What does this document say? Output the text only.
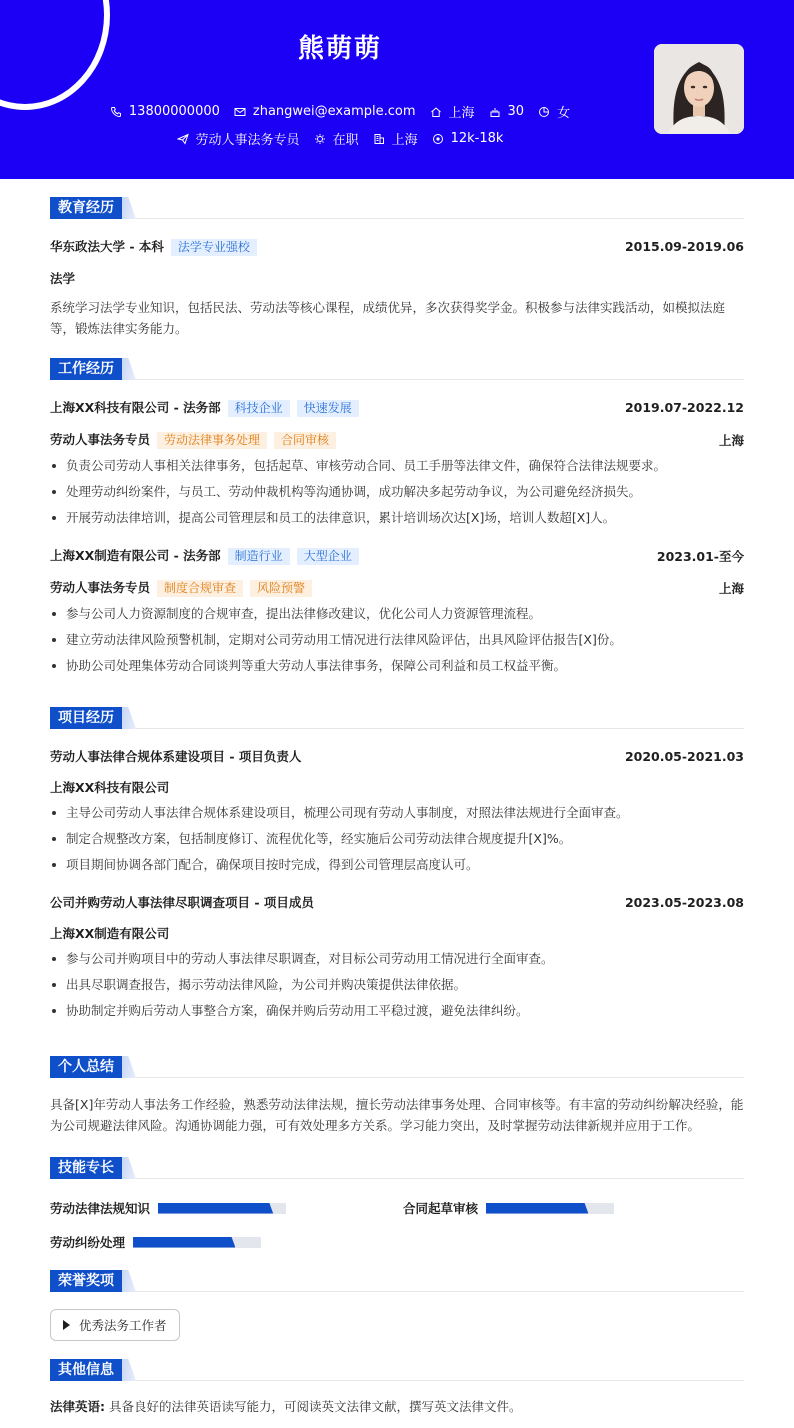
熊萌萌
13800000000	zhangwei@example.com	上海	30	女
劳动人事法务专员	在职	上海	12k-18k
教育经历
华东政法大学 - 本科 法学专业强校	2015.09-2019.06
法学
系统学习法学专业知识，包括民法、劳动法等核心课程，成绩优异，多次获得奖学金。积极参与法律实践活动，如模拟法庭等，锻炼法律实务能力。
工作经历
上海XX科技有限公司 - 法务部 科技企业 快速发展	2019.07-2022.12
劳动人事法务专员 劳动法律事务处理 合同审核	上海
负责公司劳动人事相关法律事务，包括起草、审核劳动合同、员工手册等法律文件，确保符合法律法规要求。
处理劳动纠纷案件，与员工、劳动仲裁机构等沟通协调，成功解决多起劳动争议，为公司避免经济损失。
开展劳动法律培训，提高公司管理层和员工的法律意识，累计培训场次达[X]场，培训人数超[X]人。
上海XX制造有限公司 - 法务部 制造行业 大型企业	2023.01-至今
劳动人事法务专员 制度合规审查 风险预警	上海
参与公司人力资源制度的合规审查，提出法律修改建议，优化公司人力资源管理流程。
建立劳动法律风险预警机制，定期对公司劳动用工情况进行法律风险评估，出具风险评估报告[X]份。
协助公司处理集体劳动合同谈判等重大劳动人事法律事务，保障公司利益和员工权益平衡。
项目经历
劳动人事法律合规体系建设项目 - 项目负责人	2020.05-2021.03
上海XX科技有限公司
主导公司劳动人事法律合规体系建设项目，梳理公司现有劳动人事制度，对照法律法规进行全面审查。
制定合规整改方案，包括制度修订、流程优化等，经实施后公司劳动法律合规度提升[X]%。
项目期间协调各部门配合，确保项目按时完成，得到公司管理层高度认可。
公司并购劳动人事法律尽职调查项目 - 项目成员	2023.05-2023.08
上海XX制造有限公司
参与公司并购项目中的劳动人事法律尽职调查，对目标公司劳动用工情况进行全面审查。
出具尽职调查报告，揭示劳动法律风险，为公司并购决策提供法律依据。
协助制定并购后劳动人事整合方案，确保并购后劳动用工平稳过渡，避免法律纠纷。
个人总结
具备[X]年劳动人事法务工作经验，熟悉劳动法律法规，擅长劳动法律事务处理、合同审核等。有丰富的劳动纠纷解决经验，能为公司规避法律风险。沟通协调能力强，可有效处理多方关系。学习能力突出，及时掌握劳动法律新规并应用于工作。
技能专长
劳动法律法规知识	合同起草审核
劳动纠纷处理
荣誉奖项
优秀法务工作者
其他信息
法律英语: 具备良好的法律英语读写能力，可阅读英文法律文献，撰写英文法律文件。
